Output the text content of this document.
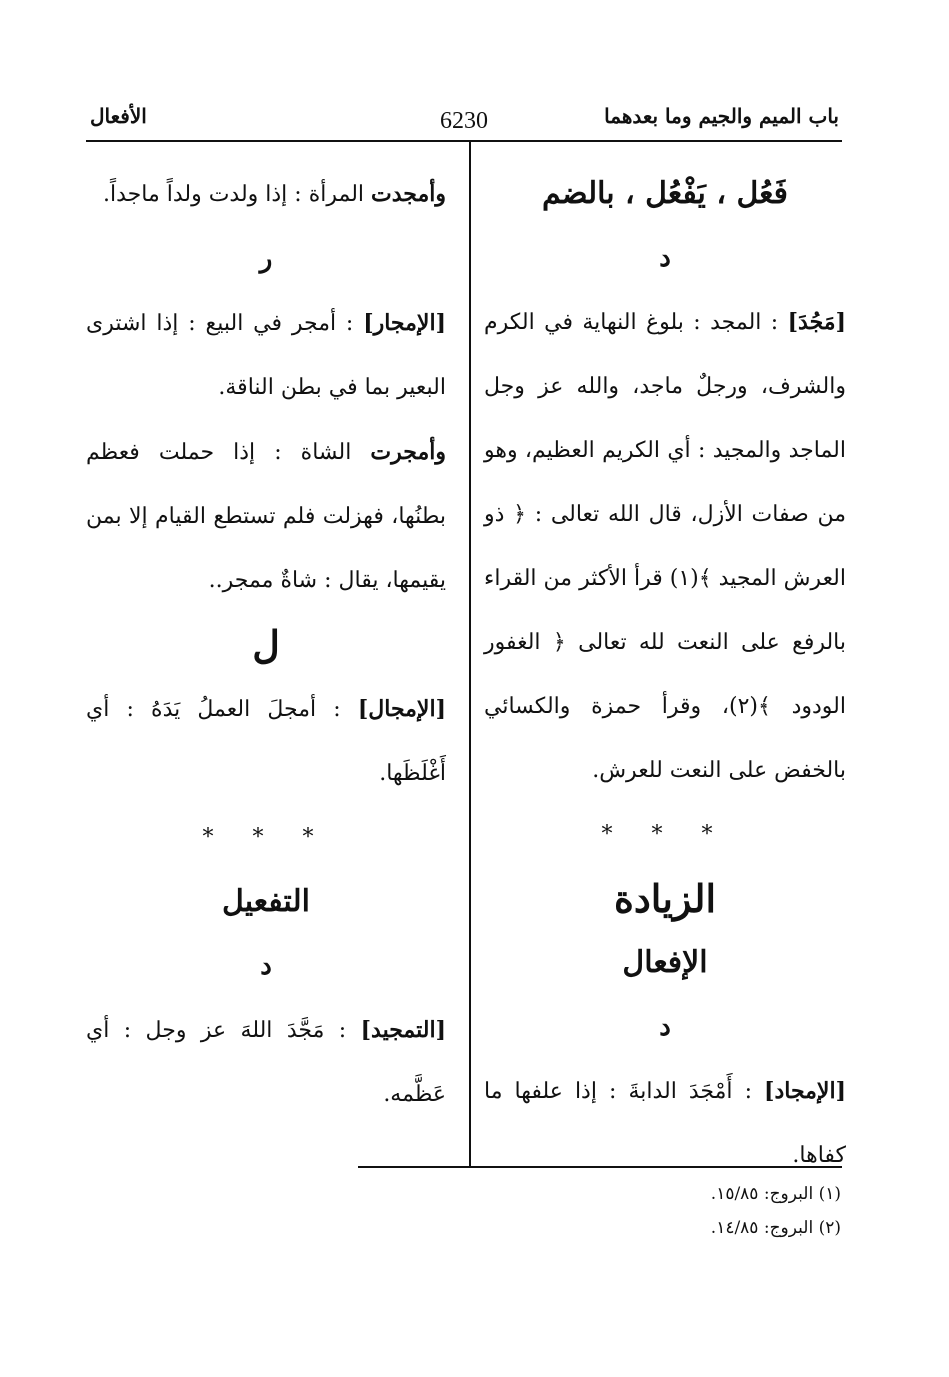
باب الميم والجيم وما بعدهما
6230
الأفعال
فَعُل ، يَفْعُل ، بالضم
د

[مَجُدَ] : المجد : بلوغ النهاية في الكرم والشرف، ورجلٌ ماجد، والله عز وجل الماجد والمجيد : أي الكريم العظيم، وهو من صفات الأزل، قال الله تعالى : ﴿ ذو العرش المجيد ﴾(١) قرأ الأكثر من القراء بالرفع على النعت لله تعالى ﴿ الغفور الودود ﴾(٢)، وقرأ حمزة والكسائي بالخفض على النعت للعرش.

* * *
الزيادة
الإفعال
د

[الإمجاد] : أَمْجَدَ الدابةَ : إذا علفها ما كفاها.

وأمجدت المرأة : إذا ولدت ولداً ماجداً.

ر

[الإمجار] : أمجر في البيع : إذا اشترى البعير بما في بطن الناقة.

وأمجرت الشاة : إذا حملت فعظم بطنُها، فهزلت فلم تستطع القيام إلا بمن يقيمها، يقال : شاةٌ ممجر..

ل

[الإمجال] : أمجلَ العملُ يَدَهُ : أي أَغْلَظَها.

* * *
التفعيل
د

[التمجيد] : مَجَّدَ اللهَ عز وجل : أي عَظَّمه.

(١) البروج: ١٥/٨٥.
(٢) البروج: ١٤/٨٥.
